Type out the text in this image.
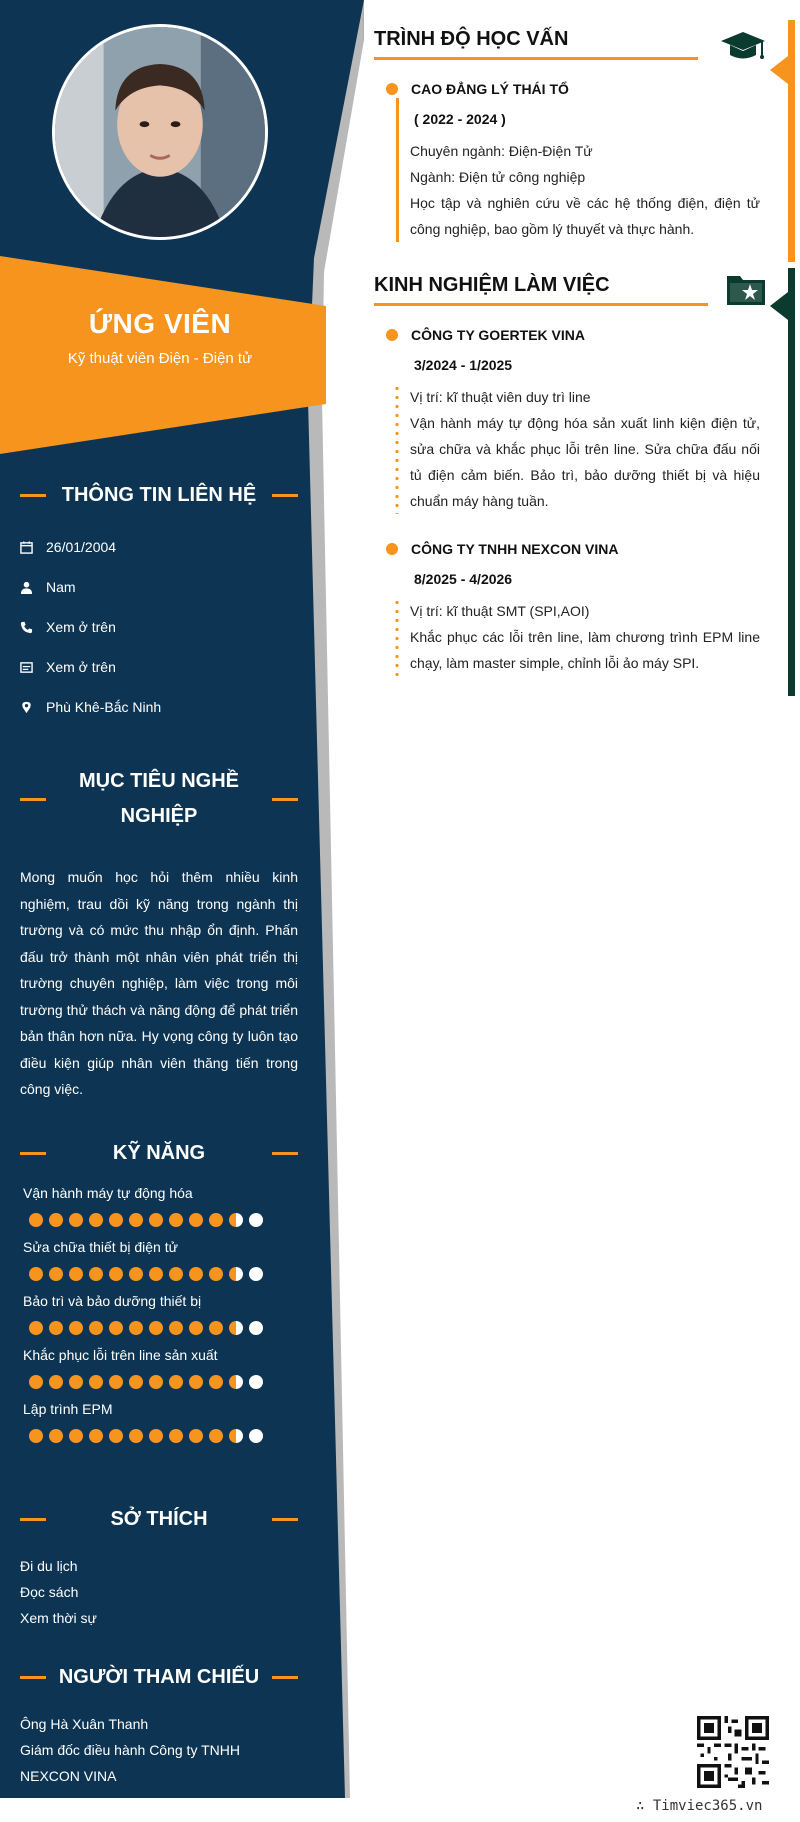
ỨNG VIÊN
Kỹ thuật viên Điện - Điện tử
THÔNG TIN LIÊN HỆ
26/01/2004
Nam
Xem ở trên
Xem ở trên
Phù Khê-Bắc Ninh
MỤC TIÊU NGHỀ
NGHIỆP
Mong muốn học hỏi thêm nhiều kinh nghiệm, trau dồi kỹ năng trong ngành thị trường và có mức thu nhập ổn định. Phấn đấu trở thành một nhân viên phát triển thị trường chuyên nghiệp, làm việc trong môi trường thử thách và năng động để phát triển bản thân hơn nữa. Hy vọng công ty luôn tạo điều kiện giúp nhân viên thăng tiến trong công việc.
KỸ NĂNG
Vận hành máy tự động hóa
Sửa chữa thiết bị điện tử
Bảo trì và bảo dưỡng thiết bị
Khắc phục lỗi trên line sản xuất
Lập trình EPM
SỞ THÍCH
Đi du lịch
Đọc sách
Xem thời sự
NGƯỜI THAM CHIẾU
Ông Hà Xuân Thanh
Giám đốc điều hành Công ty TNHH NEXCON VINA
TRÌNH ĐỘ HỌC VẤN
CAO ĐẲNG LÝ THÁI TỔ
( 2022 - 2024 )
Chuyên ngành: Điện-Điện Tử
Ngành: Điện tử công nghiệp
Học tập và nghiên cứu về các hệ thống điện, điện tử công nghiệp, bao gồm lý thuyết và thực hành.
KINH NGHIỆM LÀM VIỆC
CÔNG TY GOERTEK VINA
3/2024 - 1/2025
Vị trí: kĩ thuật viên duy trì line
Vận hành máy tự động hóa sản xuất linh kiện điện tử, sửa chữa và khắc phục lỗi trên line. Sửa chữa đấu nối tủ điện cảm biến. Bảo trì, bảo dưỡng thiết bị và hiệu chuẩn máy hàng tuần.
CÔNG TY TNHH NEXCON VINA
8/2025 - 4/2026
Vị trí: kĩ thuật SMT (SPI,AOI)
Khắc phục các lỗi trên line, làm chương trình EPM line chạy, làm master simple, chỉnh lỗi ảo máy SPI.
∴ Timviec365.vn
